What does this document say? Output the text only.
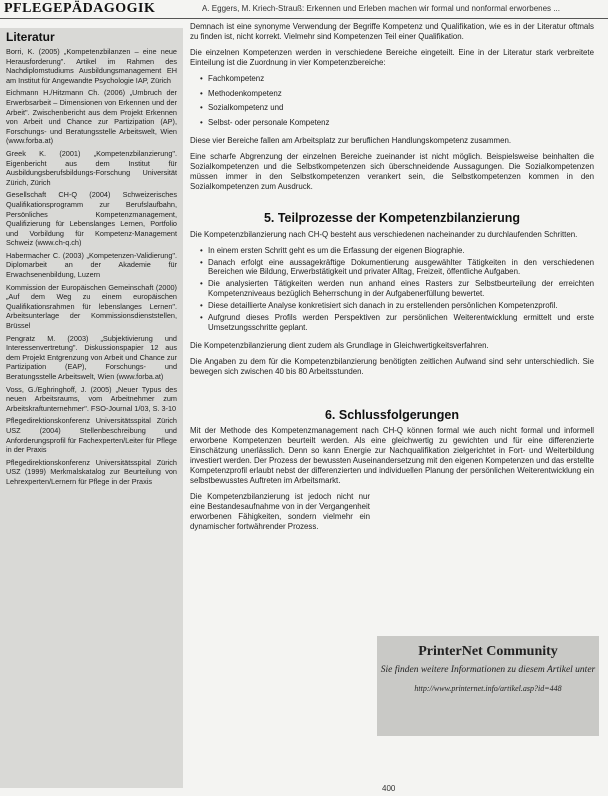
PFLEGEPÄDAGOGIK	A. Eggers, M. Kriech-Strauß: Erkennen und Erleben machen wir formal und nonformal erworbenes ...
Literatur
Borri, K. (2005) „Kompetenzbilanzen – eine neue Herausforderung". Artikel im Rahmen des Nachdiplomstudiums Ausbildungsmanagement EH am Institut für Angewandte Psychologie IAP, Zürich
Eichmann H./Hitzmann Ch. (2006) „Umbruch der Erwerbsarbeit – Dimensionen von Erkennen und der Arbeit". Zwischenbericht aus dem Projekt Erkennen von Arbeit und Chance zur Partizipation (AP), Forschungs- und Beratungsstelle Arbeitswelt, Wien (www.forba.at)
Greek K. (2001) „Kompetenzbilanzierung". Eigenbericht aus dem Institut für Ausbildungsberufsbildungs-Forschung Universität Zürich, Zürich
Gesellschaft CH-Q (2004) Schweizerisches Qualifikationsprogramm zur Berufslaufbahn, Persönliches Kompetenzmanagement, Qualifizierung für Lebenslanges Lernen, Portfolio und Vorbildung für Kompetenz-Management Schweiz (www.ch-q.ch)
Habermacher C. (2003) „Kompetenzen-Validierung". Diplomarbeit an der Akademie für Erwachsenenbildung, Luzern
Kommission der Europäischen Gemeinschaft (2000) „Auf dem Weg zu einem europäischen Qualifikationsrahmen für lebenslanges Lernen". Arbeitsunterlage der Kommissionsdienststellen, Brüssel
Pengratz M. (2003) „Subjektivierung und Interessenvertretung". Diskussionspapier 12 aus dem Projekt Entgrenzung von Arbeit und Chance zur Partizipation (EAP), Forschungs- und Beratungsstelle Arbeitswelt, Wien (www.forba.at)
Voss, G./Eghringhoff, J. (2005) „Neuer Typus des neuen Arbeitsraums, vom Arbeitnehmer zum Arbeitskraftunternehmer". FSO-Journal 1/03, S. 3-10
Pflegedirektionskonferenz Universitätsspital Zürich USZ (2004) Stellenbeschreibung und Anforderungsprofil für Fachexperten/Leiter für Pflege in der Praxis
Pflegedirektionskonferenz Universitätsspital Zürich USZ (1999) Merkmalskatalog zur Beurteilung von Lehrexperten/Lernern für Pflege in der Praxis

Demnach ist eine synonyme Verwendung der Begriffe Kompetenz und Qualifikation, wie es in der Literatur oftmals zu finden ist, nicht korrekt. Vielmehr sind Kompetenzen Teil einer Qualifikation.

Die einzelnen Kompetenzen werden in verschiedene Bereiche eingeteilt. Eine in der Literatur stark verbreitete Einteilung ist die Zuordnung in vier Kompetenzbereiche:

• Fachkompetenz
• Methodenkompetenz
• Sozialkompetenz und
• Selbst- oder personale Kompetenz

Diese vier Bereiche fallen am Arbeitsplatz zur beruflichen Handlungskompetenz zusammen.

Eine scharfe Abgrenzung der einzelnen Bereiche zueinander ist nicht möglich. Beispielsweise beinhalten die Sozialkompetenzen und die Selbstkompetenzen sich überschneidende Aussagungen. Die Sozialkompetenzen müssen immer in den Selbstkompetenzen verankert sein, die Selbstkompetenzen kommen in den Sozialkompetenzen zum Ausdruck.

5. Teilprozesse der Kompetenzbilanzierung

Die Kompetenzbilanzierung nach CH-Q besteht aus verschiedenen nacheinander zu durchlaufenden Schritten.

• In einem ersten Schritt geht es um die Erfassung der eigenen Biographie.
• Danach erfolgt eine aussagekräftige Dokumentierung ausgewählter Tätigkeiten in den verschiedenen Bereichen wie Bildung, Erwerbstätigkeit und privater Alltag, Freizeit, öffentliche Aufgaben.
• Die analysierten Tätigkeiten werden nun anhand eines Rasters zur Selbstbeurteilung der erreichten Kompetenzniveaus bezüglich Beherrschung in der Aufgabenerfüllung bewertet.
• Diese detaillierte Analyse konkretisiert sich danach in zu erstellenden persönlichen Kompetenzprofil.
• Aufgrund dieses Profils werden Perspektiven zur persönlichen Weiterentwicklung ermittelt und erste Umsetzungsschritte geplant.

Die Kompetenzbilanzierung dient zudem als Grundlage in Gleichwertigkeitsverfahren.

Die Angaben zu dem für die Kompetenzbilanzierung benötigten zeitlichen Aufwand sind sehr unterschiedlich. Sie bewegen sich zwischen 40 bis 80 Arbeitsstunden.

6. Schlussfolgerungen

Mit der Methode des Kompetenzmanagement nach CH-Q können formal wie auch nicht formal und informell erworbene Kompetenzen beurteilt werden. Als eine gleichwertig zu gewichten und für eine differenzierte Einschätzung unerlässlich. Denn so kann Energie zur Nachqualifikation zielgerichtet in Fort- und Weiterbildung investiert werden. Der Prozess der bewussten Auseinandersetzung mit den eigenen Kompetenzen und das erstellte Kompetenzprofil erlaubt nebst der differenzierten und individuellen Planung der persönlichen Weiterentwicklung ein selbstbewusstes Auftreten im Arbeitsmarkt.

Die Kompetenzbilanzierung ist jedoch nicht nur eine Bestandesaufnahme von in der Vergangenheit erworbenen Fähigkeiten, sondern vielmehr ein dynamischer fortwährender Prozess.

PrinterNet Community
Sie finden weitere Informationen zu diesem Artikel unter
http://www.printernet.info/artikel.asp?id=448
400
